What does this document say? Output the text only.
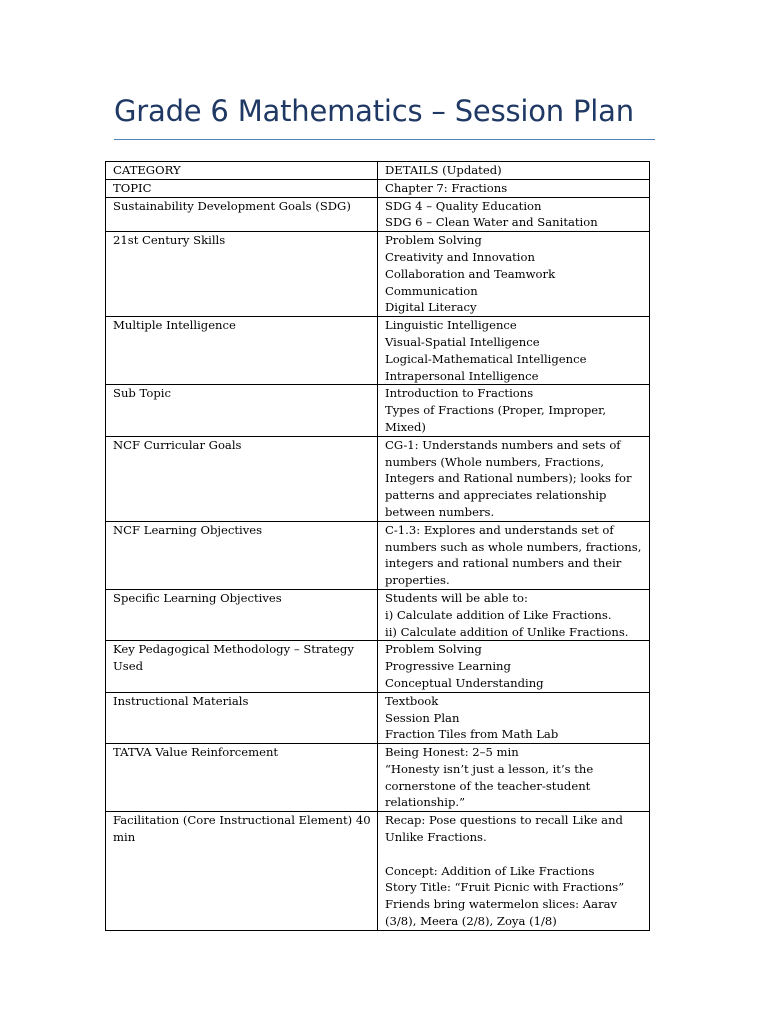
Grade 6 Mathematics – Session Plan
CATEGORY	DETAILS (Updated)
TOPIC	Chapter 7: Fractions

Sustainability Development Goals (SDG)	SDG 4 – Quality Education
SDG 6 – Clean Water and Sanitation

21st Century Skills	Problem Solving
Creativity and Innovation
Collaboration and Teamwork
Communication
Digital Literacy

Multiple Intelligence	Linguistic Intelligence
Visual-Spatial Intelligence
Logical-Mathematical Intelligence
Intrapersonal Intelligence

Sub Topic	Introduction to Fractions
Types of Fractions (Proper, Improper, Mixed)

NCF Curricular Goals	CG-1: Understands numbers and sets of numbers (Whole numbers, Fractions, Integers and Rational numbers); looks for patterns and appreciates relationship between numbers.

NCF Learning Objectives	C-1.3: Explores and understands set of numbers such as whole numbers, fractions, integers and rational numbers and their properties.

Specific Learning Objectives	Students will be able to:
i) Calculate addition of Like Fractions.
ii) Calculate addition of Unlike Fractions.

Key Pedagogical Methodology – Strategy Used	Problem Solving
Progressive Learning
Conceptual Understanding

Instructional Materials	Textbook
Session Plan
Fraction Tiles from Math Lab

TATVA Value Reinforcement	Being Honest: 2–5 min
“Honesty isn’t just a lesson, it’s the cornerstone of the teacher-student relationship.”

Facilitation (Core Instructional Element) 40 min	Recap: Pose questions to recall Like and Unlike Fractions.
Concept: Addition of Like Fractions
Story Title: “Fruit Picnic with Fractions”
Friends bring watermelon slices: Aarav (3/8), Meera (2/8), Zoya (1/8)
